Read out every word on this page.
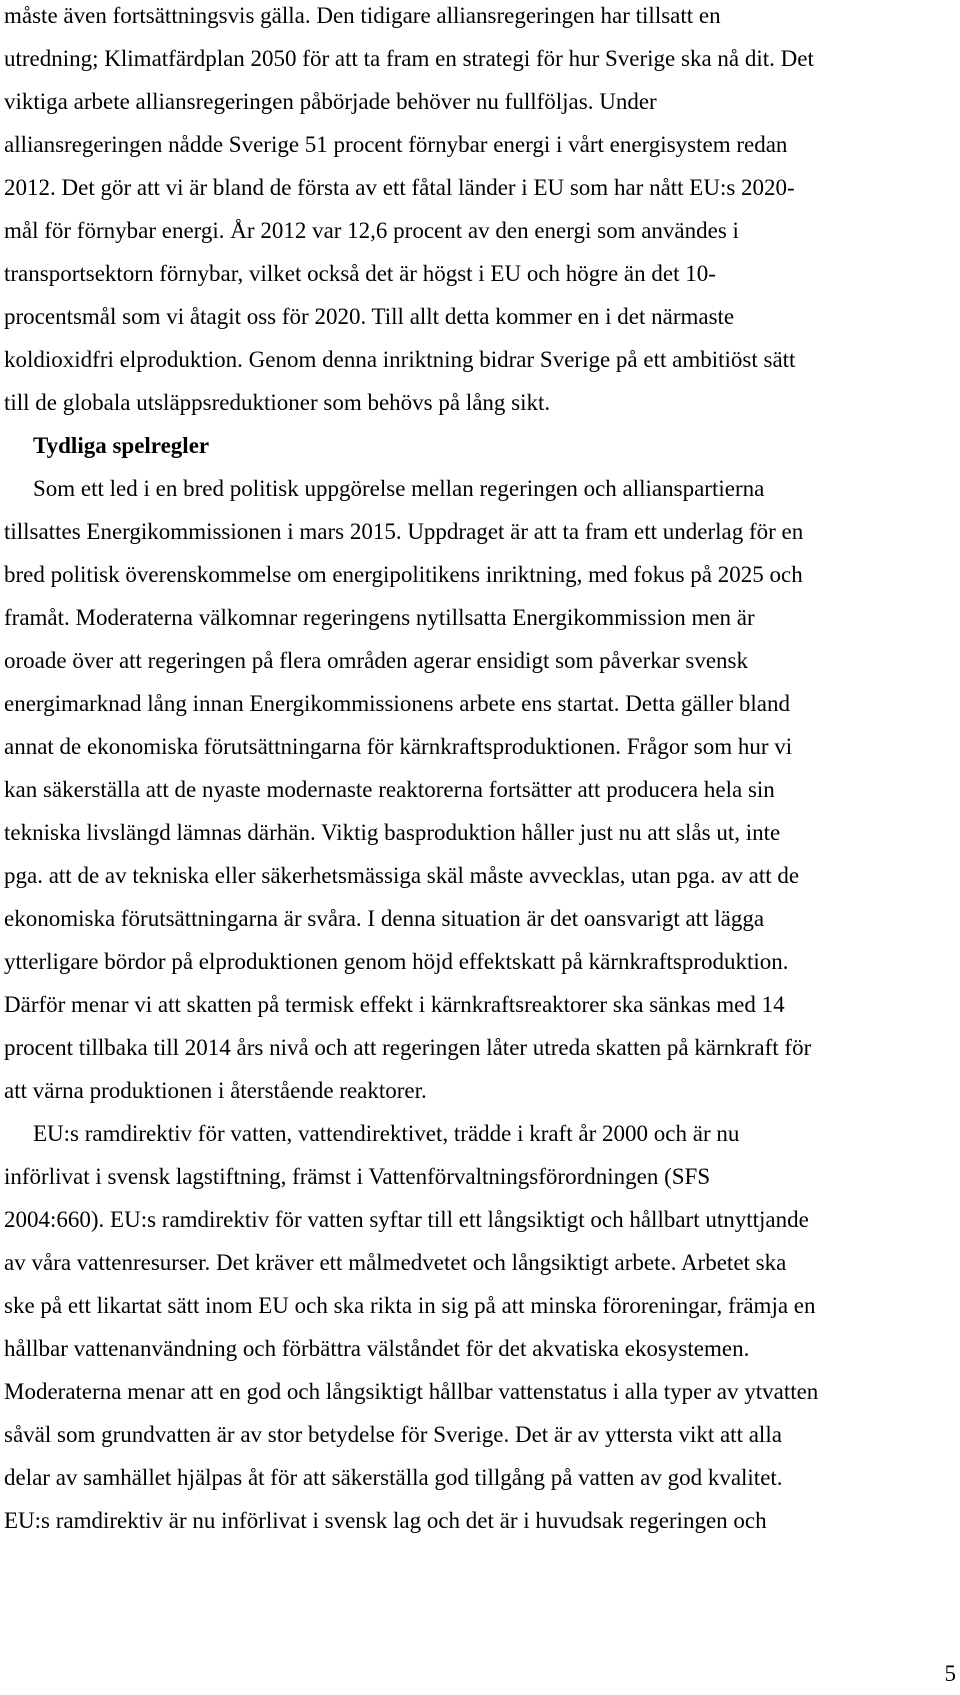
måste även fortsättningsvis gälla. Den tidigare alliansregeringen har tillsatt en
utredning; Klimatfärdplan 2050 för att ta fram en strategi för hur Sverige ska nå dit. Det
viktiga arbete alliansregeringen påbörjade behöver nu fullföljas. Under
alliansregeringen nådde Sverige 51 procent förnybar energi i vårt energisystem redan
2012. Det gör att vi är bland de första av ett fåtal länder i EU som har nått EU:s 2020-
mål för förnybar energi. År 2012 var 12,6 procent av den energi som användes i
transportsektorn förnybar, vilket också det är högst i EU och högre än det 10-
procentsmål som vi åtagit oss för 2020. Till allt detta kommer en i det närmaste
koldioxidfri elproduktion. Genom denna inriktning bidrar Sverige på ett ambitiöst sätt
till de globala utsläppsreduktioner som behövs på lång sikt.
Tydliga spelregler
Som ett led i en bred politisk uppgörelse mellan regeringen och allianspartierna
tillsattes Energikommissionen i mars 2015. Uppdraget är att ta fram ett underlag för en
bred politisk överenskommelse om energipolitikens inriktning, med fokus på 2025 och
framåt. Moderaterna välkomnar regeringens nytillsatta Energikommission men är
oroade över att regeringen på flera områden agerar ensidigt som påverkar svensk
energimarknad lång innan Energikommissionens arbete ens startat. Detta gäller bland
annat de ekonomiska förutsättningarna för kärnkraftsproduktionen. Frågor som hur vi
kan säkerställa att de nyaste modernaste reaktorerna fortsätter att producera hela sin
tekniska livslängd lämnas därhän. Viktig basproduktion håller just nu att slås ut, inte
pga. att de av tekniska eller säkerhetsmässiga skäl måste avvecklas, utan pga. av att de
ekonomiska förutsättningarna är svåra. I denna situation är det oansvarigt att lägga
ytterligare bördor på elproduktionen genom höjd effektskatt på kärnkraftsproduktion.
Därför menar vi att skatten på termisk effekt i kärnkraftsreaktorer ska sänkas med 14
procent tillbaka till 2014 års nivå och att regeringen låter utreda skatten på kärnkraft för
att värna produktionen i återstående reaktorer.
EU:s ramdirektiv för vatten, vattendirektivet, trädde i kraft år 2000 och är nu
införlivat i svensk lagstiftning, främst i Vattenförvaltningsförordningen (SFS
2004:660). EU:s ramdirektiv för vatten syftar till ett långsiktigt och hållbart utnyttjande
av våra vattenresurser. Det kräver ett målmedvetet och långsiktigt arbete. Arbetet ska
ske på ett likartat sätt inom EU och ska rikta in sig på att minska föroreningar, främja en
hållbar vattenanvändning och förbättra välståndet för det akvatiska ekosystemen.
Moderaterna menar att en god och långsiktigt hållbar vattenstatus i alla typer av ytvatten
såväl som grundvatten är av stor betydelse för Sverige. Det är av yttersta vikt att alla
delar av samhället hjälpas åt för att säkerställa god tillgång på vatten av god kvalitet.
EU:s ramdirektiv är nu införlivat i svensk lag och det är i huvudsak regeringen och
5
